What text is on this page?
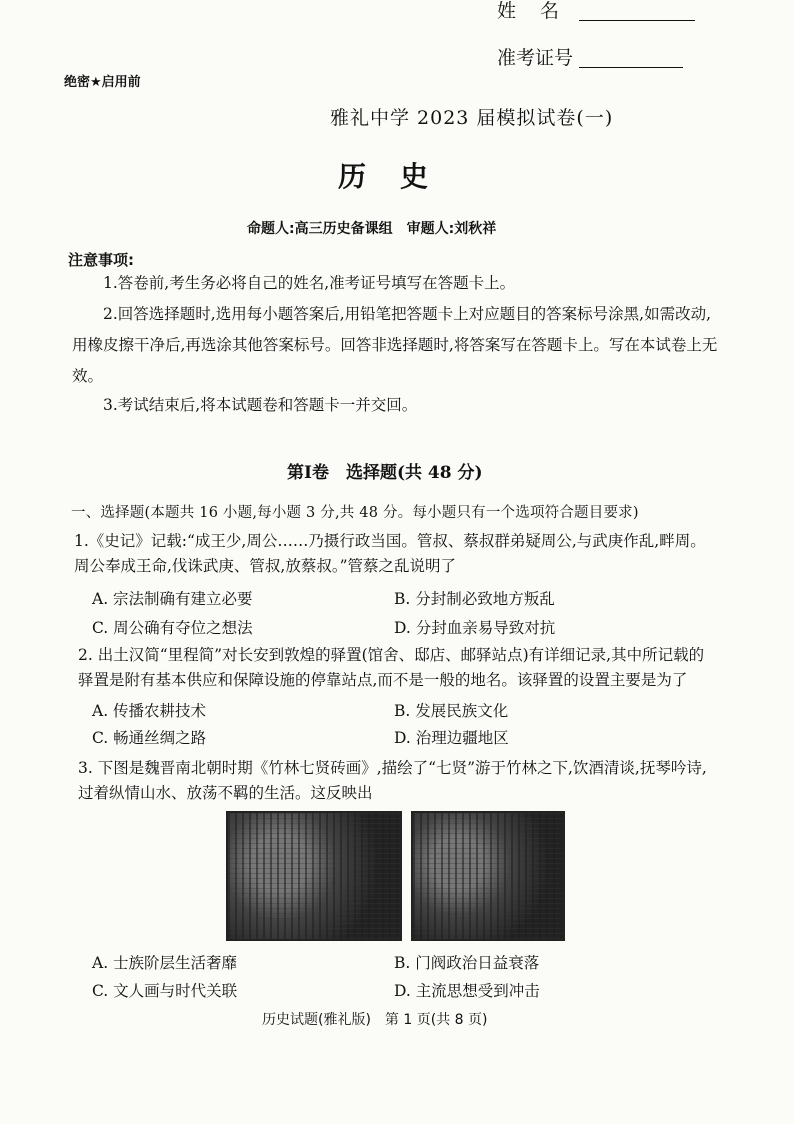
姓名
准考证号
绝密★启用前
雅礼中学 2023 届模拟试卷(一)
历史
命题人:高三历史备课组　审题人:刘秋祥
注意事项:
1.答卷前,考生务必将自己的姓名,准考证号填写在答题卡上。
2.回答选择题时,选用每小题答案后,用铅笔把答题卡上对应题目的答案标号涂黑,如需改动,用橡皮擦干净后,再选涂其他答案标号。回答非选择题时,将答案写在答题卡上。写在本试卷上无效。
3.考试结束后,将本试题卷和答题卡一并交回。
第Ⅰ卷　选择题(共 48 分)
一、选择题(本题共 16 小题,每小题 3 分,共 48 分。每小题只有一个选项符合题目要求)
1.《史记》记载:“成王少,周公……乃摄行政当国。管叔、蔡叔群弟疑周公,与武庚作乱,畔周。周公奉成王命,伐诛武庚、管叔,放蔡叔。”管蔡之乱说明了
A. 宗法制确有建立必要	B. 分封制必致地方叛乱
C. 周公确有夺位之想法	D. 分封血亲易导致对抗
2. 出土汉简“里程简”对长安到敦煌的驿置(馆舍、邸店、邮驿站点)有详细记录,其中所记载的驿置是附有基本供应和保障设施的停靠站点,而不是一般的地名。该驿置的设置主要是为了
A. 传播农耕技术	B. 发展民族文化
C. 畅通丝绸之路	D. 治理边疆地区
3. 下图是魏晋南北朝时期《竹林七贤砖画》,描绘了“七贤”游于竹林之下,饮酒清谈,抚琴吟诗,过着纵情山水、放荡不羁的生活。这反映出
A. 士族阶层生活奢靡	B. 门阀政治日益衰落
C. 文人画与时代关联	D. 主流思想受到冲击
历史试题(雅礼版)　第 1 页(共 8 页)
